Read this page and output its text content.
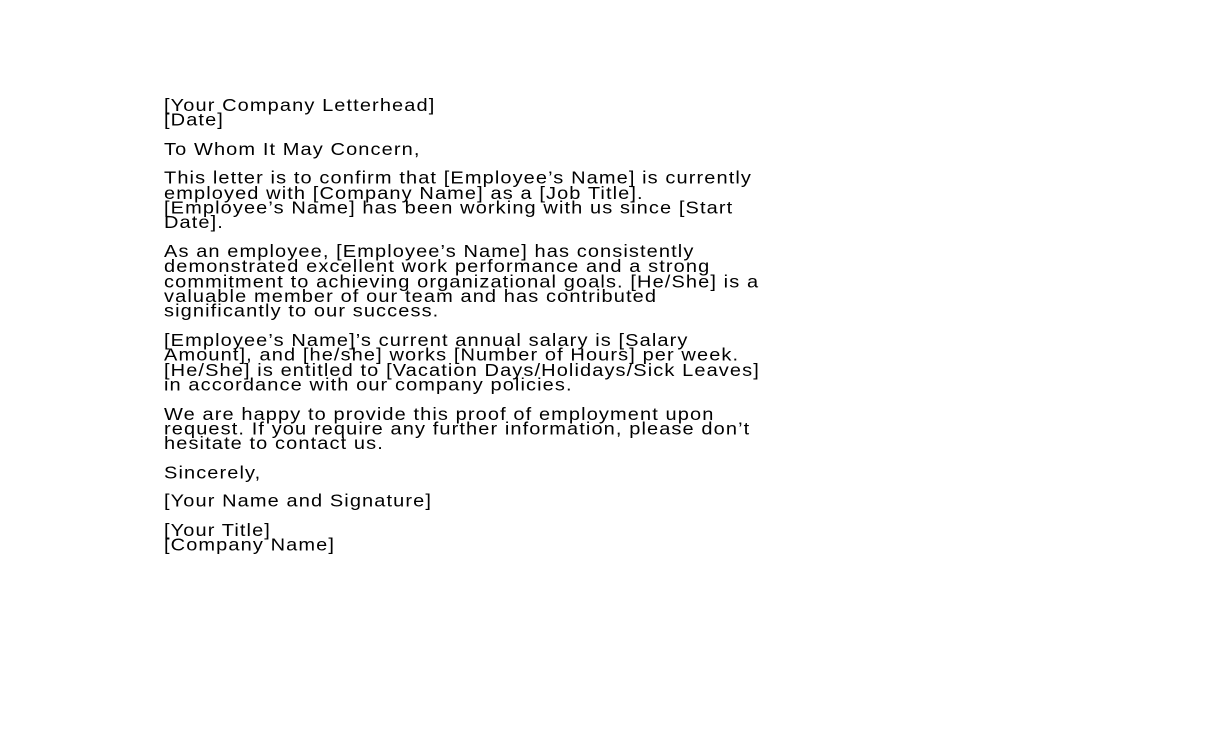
[Your Company Letterhead]
[Date]
To Whom It May Concern,
This letter is to confirm that [Employee’s Name] is currently
employed with [Company Name] as a [Job Title].
[Employee’s Name] has been working with us since [Start
Date].
As an employee, [Employee’s Name] has consistently
demonstrated excellent work performance and a strong
commitment to achieving organizational goals. [He/She] is a
valuable member of our team and has contributed
significantly to our success.
[Employee’s Name]’s current annual salary is [Salary
Amount], and [he/she] works [Number of Hours] per week.
[He/She] is entitled to [Vacation Days/Holidays/Sick Leaves]
in accordance with our company policies.
We are happy to provide this proof of employment upon
request. If you require any further information, please don’t
hesitate to contact us.
Sincerely,
[Your Name and Signature]
[Your Title]
[Company Name]
